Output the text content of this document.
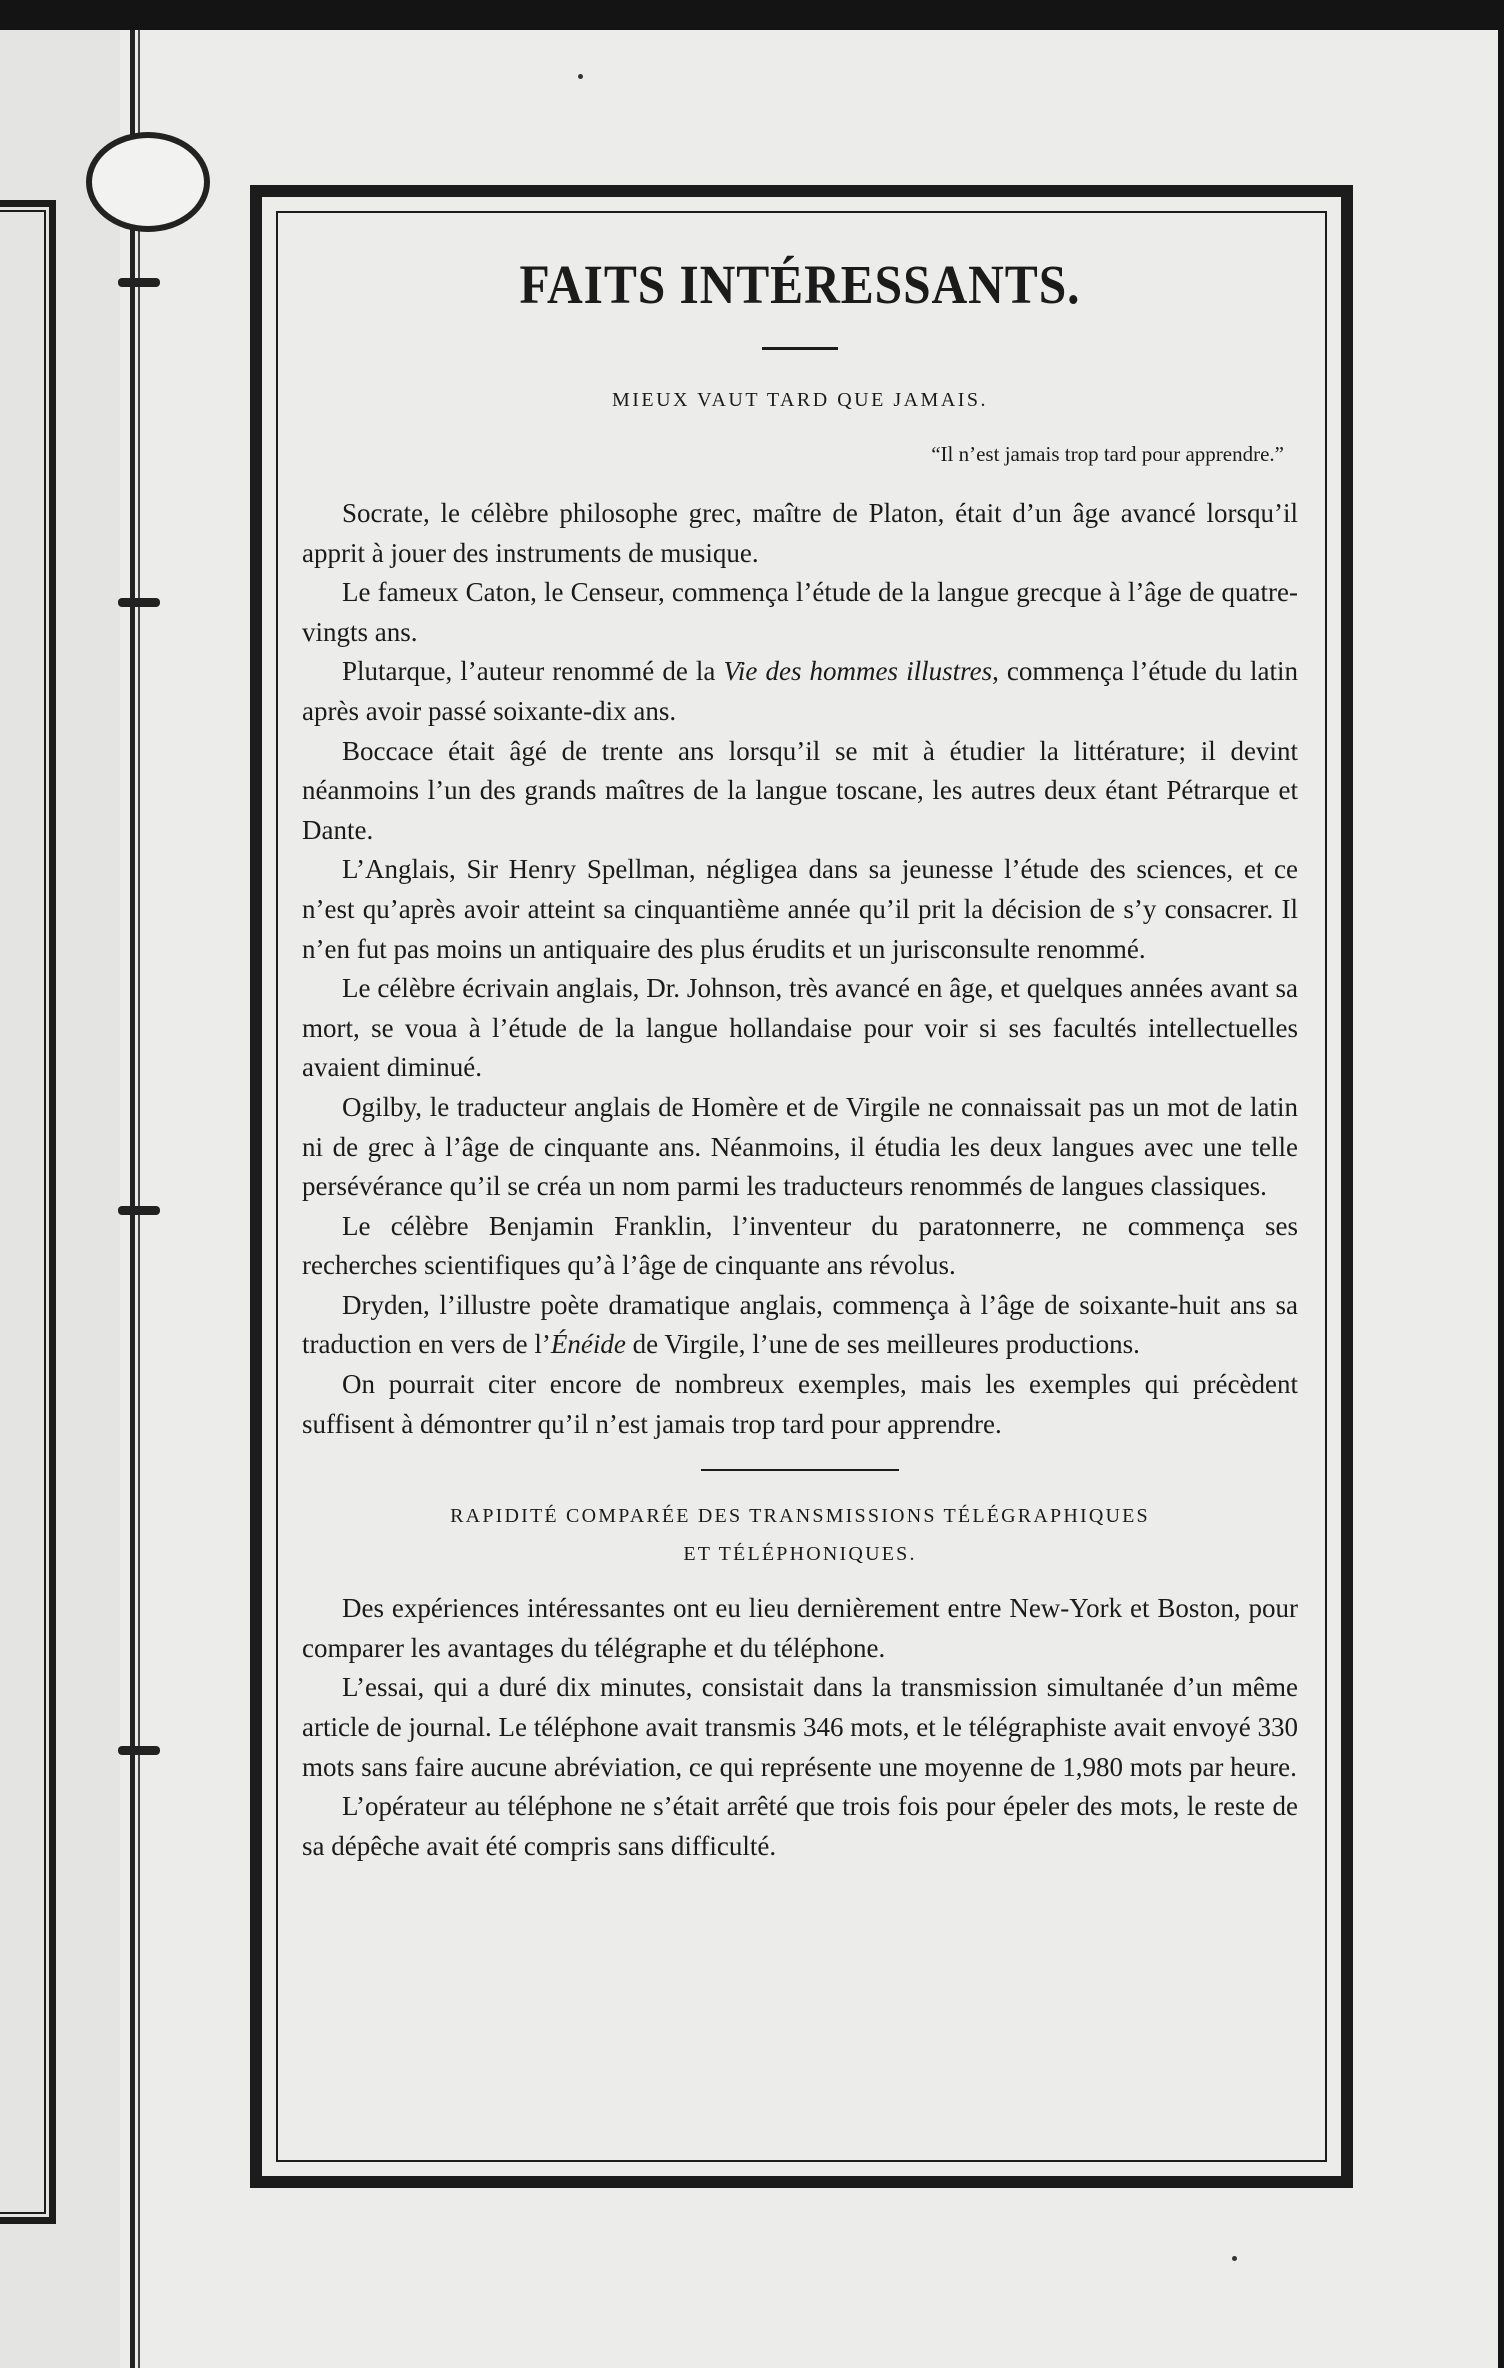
FAITS INTÉRESSANTS.
MIEUX VAUT TARD QUE JAMAIS.
“Il n’est jamais trop tard pour apprendre.”

Socrate, le célèbre philosophe grec, maître de Platon, était d’un âge avancé lorsqu’il apprit à jouer des instruments de musique.

Le fameux Caton, le Censeur, commença l’étude de la langue grecque à l’âge de quatre-vingts ans.

Plutarque, l’auteur renommé de la Vie des hommes illustres, commença l’étude du latin après avoir passé soixante-dix ans.

Boccace était âgé de trente ans lorsqu’il se mit à étudier la littérature; il devint néanmoins l’un des grands maîtres de la langue toscane, les autres deux étant Pétrarque et Dante.

L’Anglais, Sir Henry Spellman, négligea dans sa jeunesse l’étude des sciences, et ce n’est qu’après avoir atteint sa cinquantième année qu’il prit la décision de s’y consacrer. Il n’en fut pas moins un antiquaire des plus érudits et un jurisconsulte renommé.

Le célèbre écrivain anglais, Dr. Johnson, très avancé en âge, et quelques années avant sa mort, se voua à l’étude de la langue hollandaise pour voir si ses facultés intellectuelles avaient diminué.

Ogilby, le traducteur anglais de Homère et de Virgile ne connaissait pas un mot de latin ni de grec à l’âge de cinquante ans. Néanmoins, il étudia les deux langues avec une telle persévérance qu’il se créa un nom parmi les traducteurs renommés de langues classiques.

Le célèbre Benjamin Franklin, l’inventeur du paratonnerre, ne commença ses recherches scientifiques qu’à l’âge de cinquante ans révolus.

Dryden, l’illustre poète dramatique anglais, commença à l’âge de soixante-huit ans sa traduction en vers de l’Énéide de Virgile, l’une de ses meilleures productions.

On pourrait citer encore de nombreux exemples, mais les exemples qui précèdent suffisent à démontrer qu’il n’est jamais trop tard pour apprendre.

RAPIDITÉ COMPARÉE DES TRANSMISSIONS TÉLÉGRAPHIQUES
ET TÉLÉPHONIQUES.

Des expériences intéressantes ont eu lieu dernièrement entre New-York et Boston, pour comparer les avantages du télégraphe et du téléphone.

L’essai, qui a duré dix minutes, consistait dans la transmission simultanée d’un même article de journal. Le téléphone avait transmis 346 mots, et le télégraphiste avait envoyé 330 mots sans faire aucune abréviation, ce qui représente une moyenne de 1,980 mots par heure.

L’opérateur au téléphone ne s’était arrêté que trois fois pour épeler des mots, le reste de sa dépêche avait été compris sans difficulté.
